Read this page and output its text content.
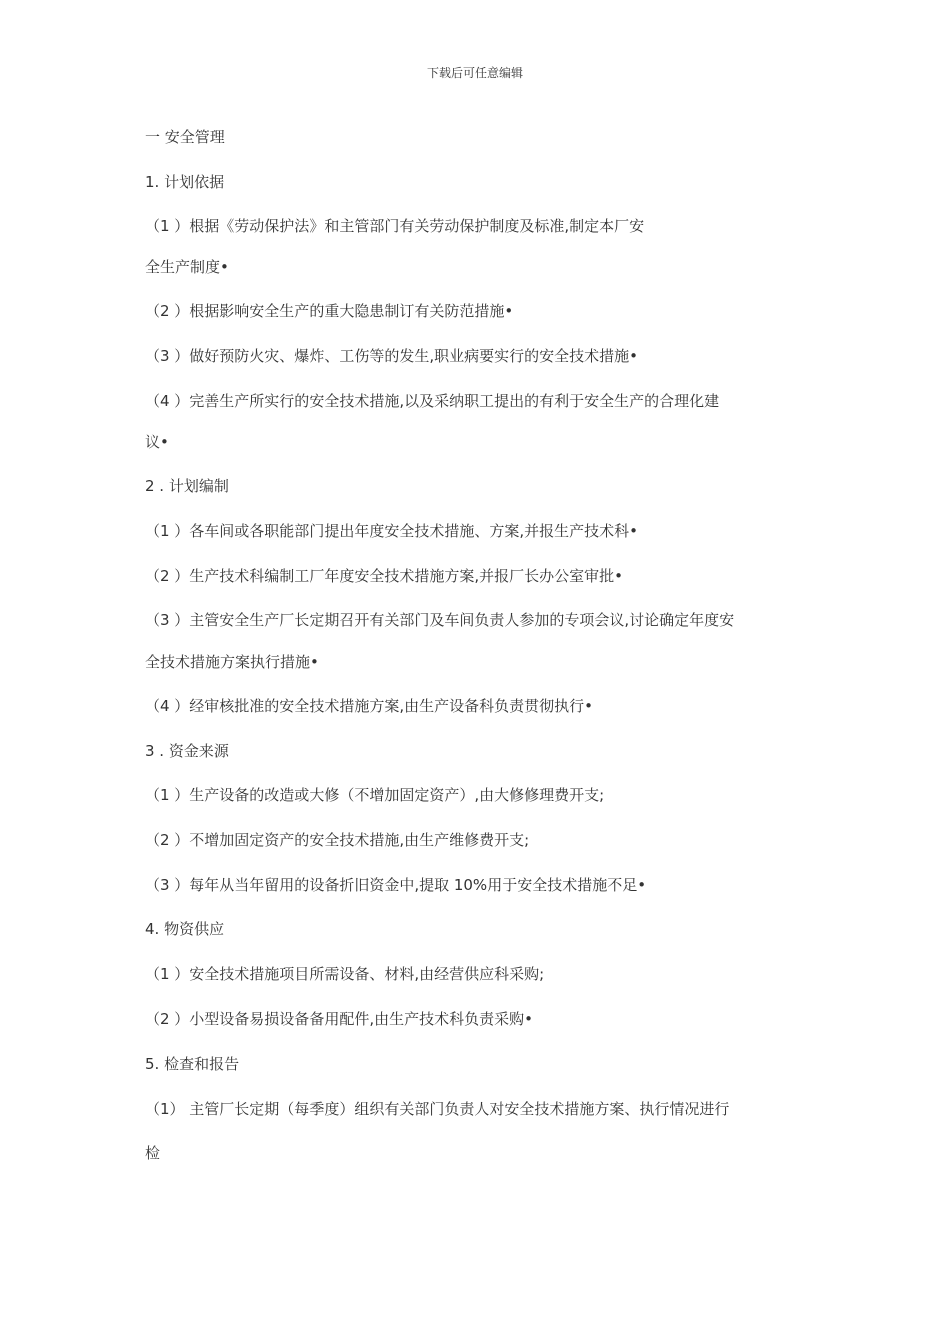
下载后可任意编辑
一 安全管理
1. 计划依据
（1 ）根据《劳动保护法》和主管部门有关劳动保护制度及标准,制定本厂安
全生产制度•
（2 ）根据影响安全生产的重大隐患制订有关防范措施•
（3 ）做好预防火灾、爆炸、工伤等的发生,职业病要实行的安全技术措施•
（4 ）完善生产所实行的安全技术措施,以及采纳职工提出的有利于安全生产的合理化建
议•
2 . 计划编制
（1 ）各车间或各职能部门提出年度安全技术措施、方案,并报生产技术科•
（2 ）生产技术科编制工厂年度安全技术措施方案,并报厂长办公室审批•
（3 ）主管安全生产厂长定期召开有关部门及车间负责人参加的专项会议,讨论确定年度安
全技术措施方案执行措施•
（4 ）经审核批准的安全技术措施方案,由生产设备科负责贯彻执行•
3 . 资金来源
（1 ）生产设备的改造或大修（不增加固定资产）,由大修修理费开支;
（2 ）不增加固定资产的安全技术措施,由生产维修费开支;
（3 ）每年从当年留用的设备折旧资金中,提取 10%用于安全技术措施不足•
4. 物资供应
（1 ）安全技术措施项目所需设备、材料,由经营供应科采购;
（2 ）小型设备易损设备备用配件,由生产技术科负责采购•
5. 检查和报告
（1） 主管厂长定期（每季度）组织有关部门负责人对安全技术措施方案、执行情况进行
检
